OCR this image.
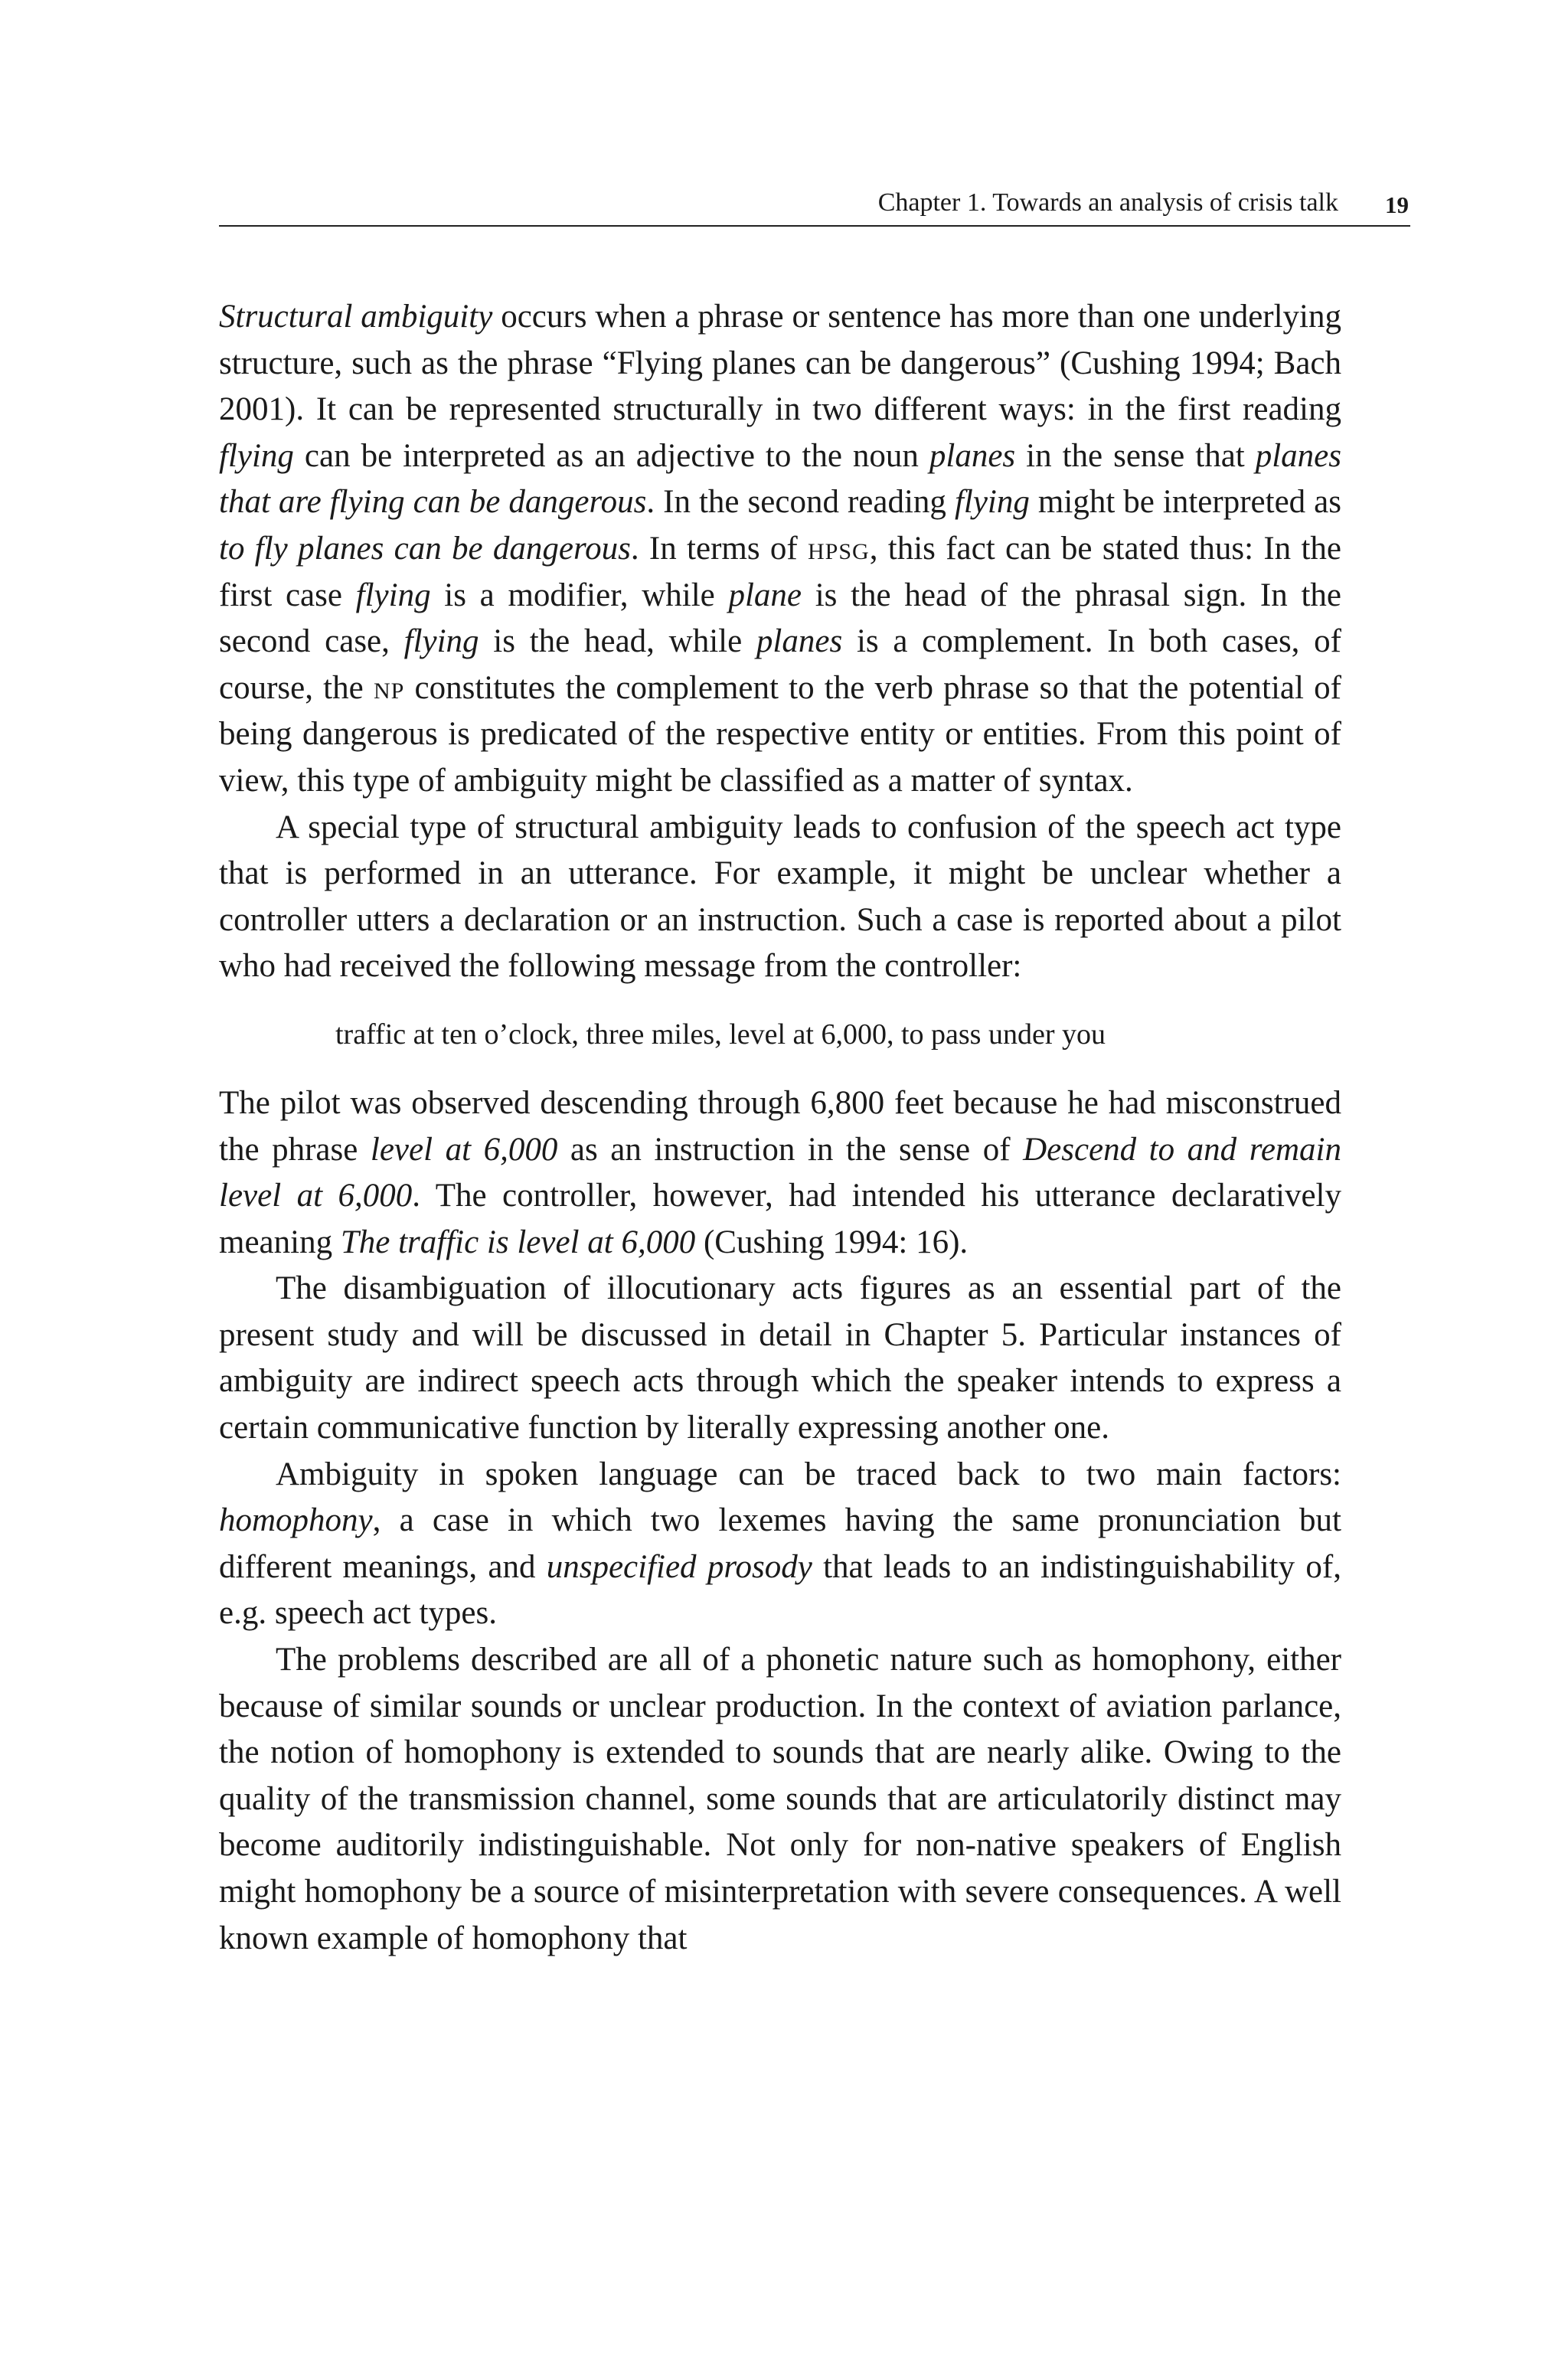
Chapter 1. Towards an analysis of crisis talk 19

Structural ambiguity occurs when a phrase or sentence has more than one underlying structure, such as the phrase “Flying planes can be dangerous” (Cushing 1994; Bach 2001). It can be represented structurally in two different ways: in the first reading flying can be interpreted as an adjective to the noun planes in the sense that planes that are flying can be dangerous. In the second reading flying might be interpreted as to fly planes can be dangerous. In terms of hpsg, this fact can be stated thus: In the first case flying is a modifier, while plane is the head of the phrasal sign. In the second case, flying is the head, while planes is a complement. In both cases, of course, the np constitutes the complement to the verb phrase so that the potential of being dangerous is predicated of the respective entity or entities. From this point of view, this type of ambiguity might be classified as a matter of syntax.

A special type of structural ambiguity leads to confusion of the speech act type that is performed in an utterance. For example, it might be unclear whether a controller utters a declaration or an instruction. Such a case is reported about a pilot who had received the following message from the controller:

traffic at ten o’clock, three miles, level at 6,000, to pass under you

The pilot was observed descending through 6,800 feet because he had misconstrued the phrase level at 6,000 as an instruction in the sense of Descend to and remain level at 6,000. The controller, however, had intended his utterance declaratively meaning The traffic is level at 6,000 (Cushing 1994: 16).

The disambiguation of illocutionary acts figures as an essential part of the present study and will be discussed in detail in Chapter 5. Particular instances of ambiguity are indirect speech acts through which the speaker intends to express a certain communicative function by literally expressing another one.

Ambiguity in spoken language can be traced back to two main factors: homophony, a case in which two lexemes having the same pronunciation but different meanings, and unspecified prosody that leads to an indistinguishability of, e.g. speech act types.

The problems described are all of a phonetic nature such as homophony, either because of similar sounds or unclear production. In the context of aviation parlance, the notion of homophony is extended to sounds that are nearly alike. Owing to the quality of the transmission channel, some sounds that are articulatorily distinct may become auditorily indistinguishable. Not only for non-native speakers of English might homophony be a source of misinterpretation with severe consequences. A well known example of homophony that
